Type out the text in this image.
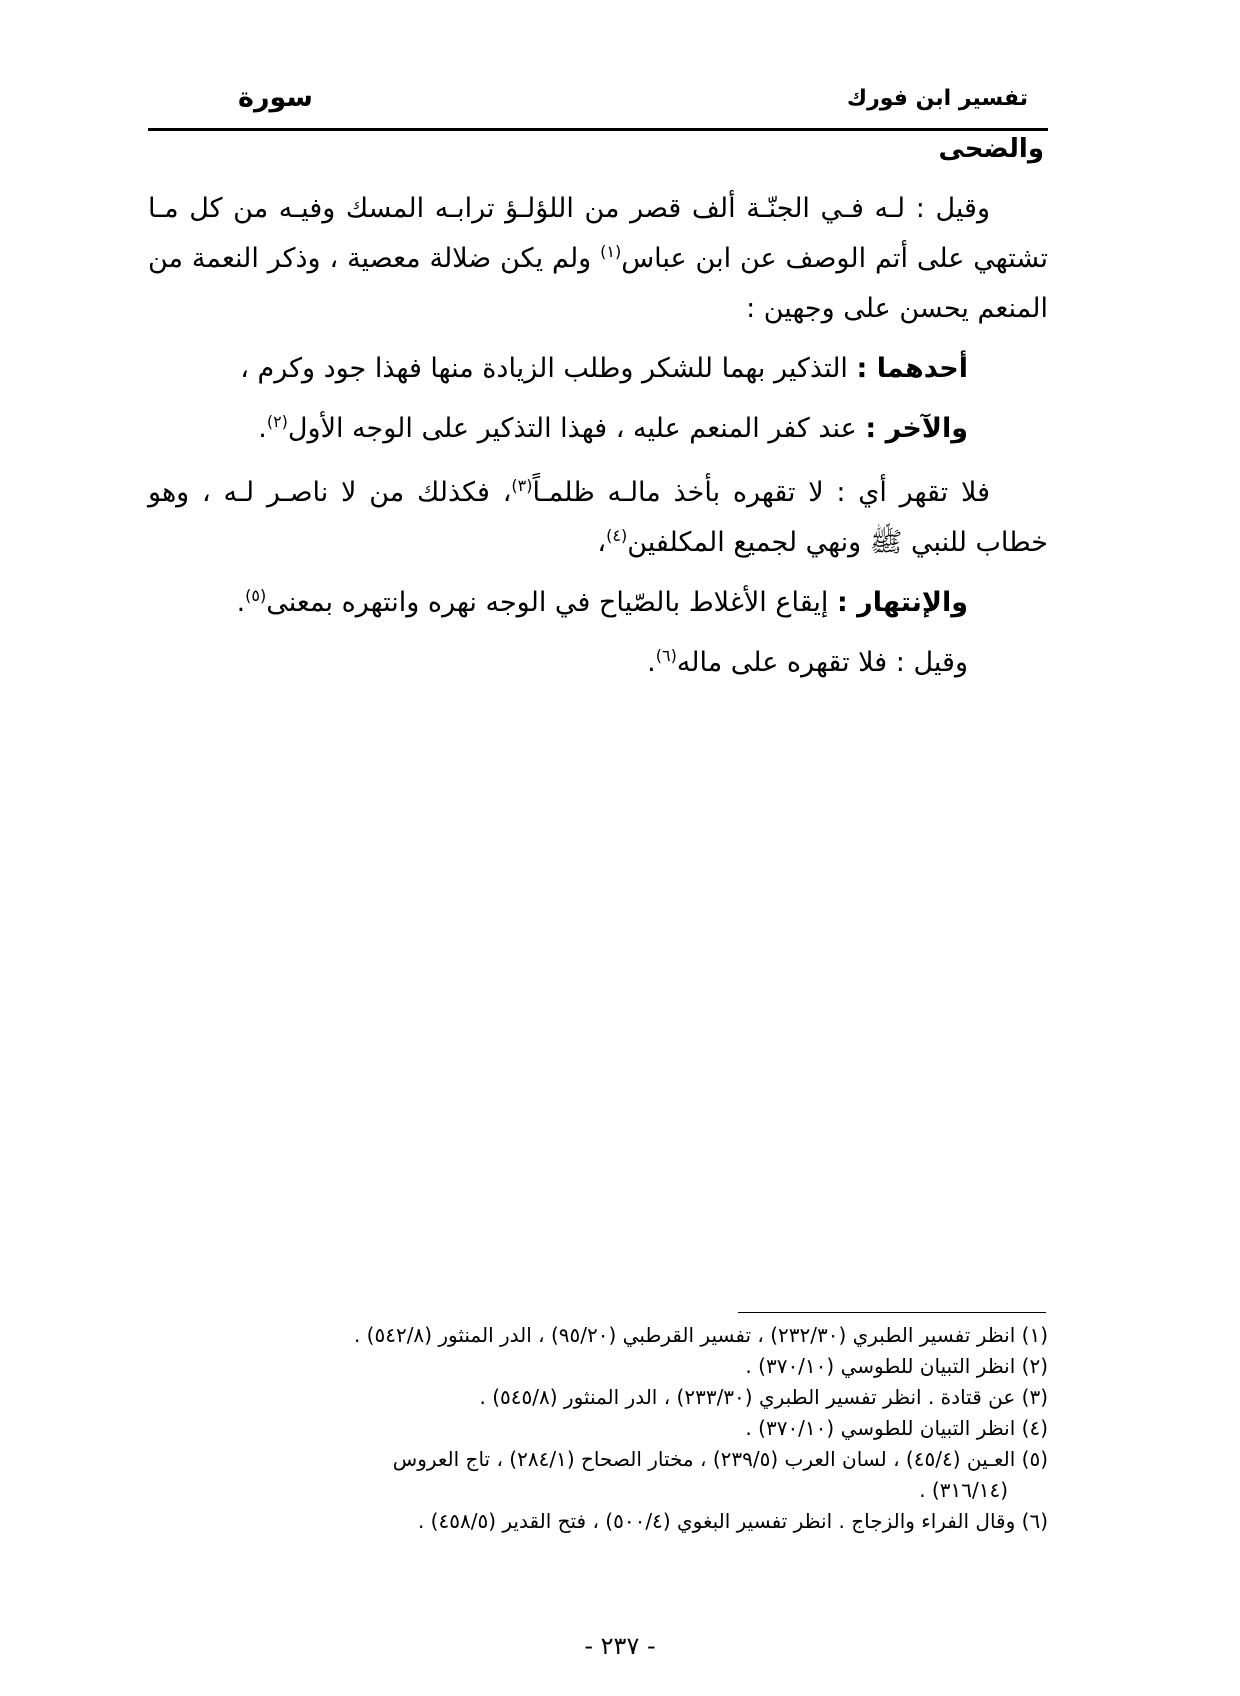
تفسير ابن فورك
سورة
والضحى

وقيل : لـه فـي الجنّـة ألف قصر من اللؤلـؤ ترابـه المسك وفيـه من كل مـا تشتهي على أتم الوصف عن ابن عباس$^{(١)}$ ولم يكن ضلالة معصية ، وذكر النعمة من المنعم يحسن على وجهين :

أحدهما : التذكير بهما للشكر وطلب الزيادة منها فهذا جود وكرم ،

والآخر : عند كفر المنعم عليه ، فهذا التذكير على الوجه الأول$^{(٢)}$.

فلا تقهر أي : لا تقهره بأخذ مالـه ظلمـاً$^{(٣)}$، فكذلك من لا ناصـر لـه ، وهو خطاب للنبي ﷺ ونهي لجميع المكلفين$^{(٤)}$،

والإنتهار : إيقاع الأغلاط بالصّياح في الوجه نهره وانتهره بمعنى$^{(٥)}$.

وقيل : فلا تقهره على ماله$^{(٦)}$.

(١) انظر تفسير الطبري (٢٣٢/٣٠) ، تفسير القرطبي (٩٥/٢٠) ، الدر المنثور (٥٤٢/٨) .

(٢) انظر التبيان للطوسي (٣٧٠/١٠) .

(٣) عن قتادة . انظر تفسير الطبري (٢٣٣/٣٠) ، الدر المنثور (٥٤٥/٨) .

(٤) انظر التبيان للطوسي (٣٧٠/١٠) .

(٥) العـين (٤٥/٤) ، لسان العرب (٢٣٩/٥) ، مختار الصحاح (٢٨٤/١) ، تاج العروس

(٣١٦/١٤) .

(٦) وقال الفراء والزجاج . انظر تفسير البغوي (٥٠٠/٤) ، فتح القدير (٤٥٨/٥) .

- ٢٣٧ -
